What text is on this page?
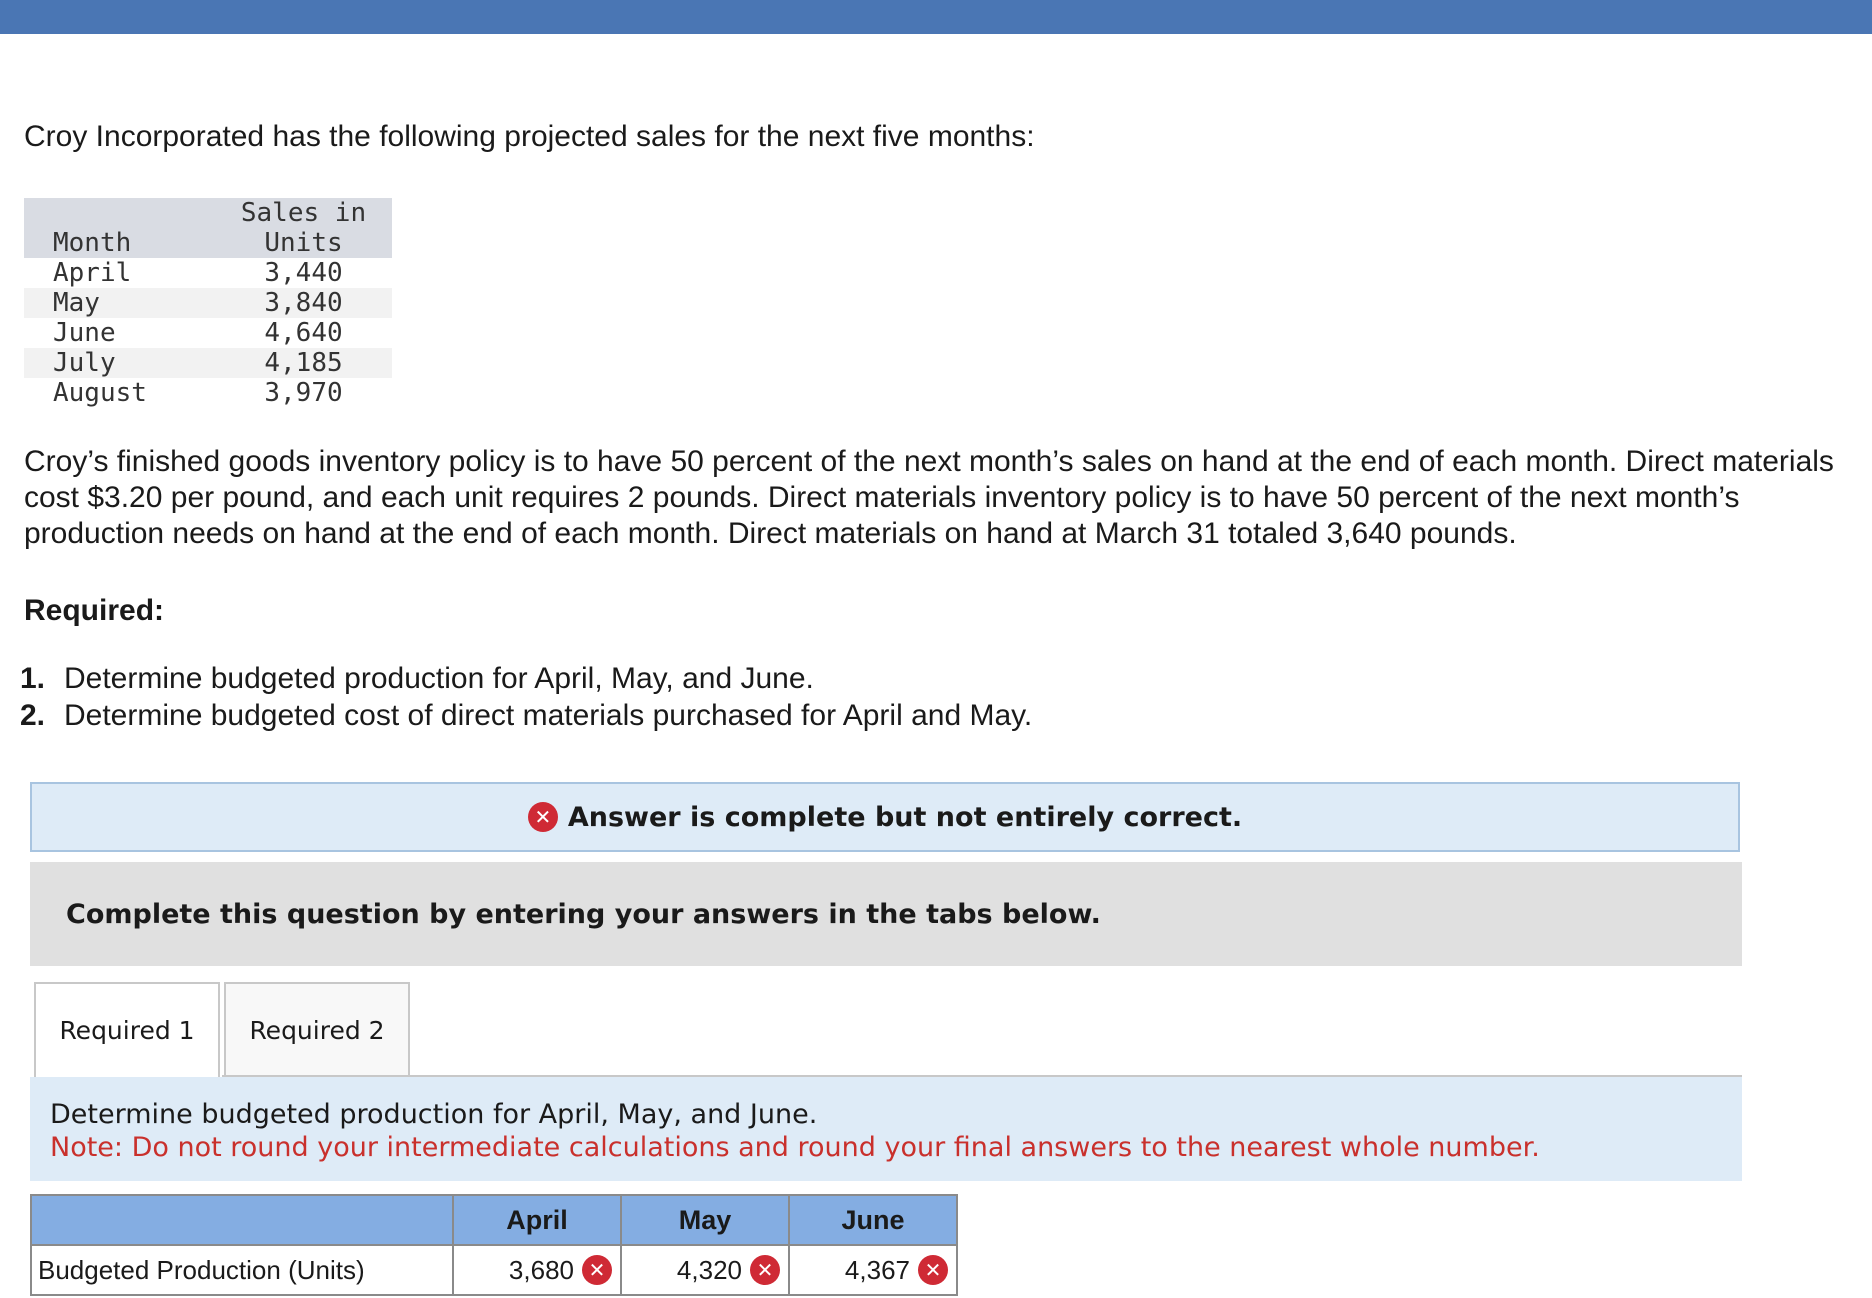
Croy Incorporated has the following projected sales for the next five months:

Month	Sales in
Units
April	3,440
May	3,840
June	4,640
July	4,185
August	3,970

Croy’s finished goods inventory policy is to have 50 percent of the next month’s sales on hand at the end of each month. Direct materials cost $3.20 per pound, and each unit requires 2 pounds. Direct materials inventory policy is to have 50 percent of the next month’s production needs on hand at the end of each month. Direct materials on hand at March 31 totaled 3,640 pounds.

Required:

1. Determine budgeted production for April, May, and June.
2. Determine budgeted cost of direct materials purchased for April and May.
✕ Answer is complete but not entirely correct.
Complete this question by entering your answers in the tabs below.
Required 1 Required 2
Determine budgeted production for April, May, and June.
Note: Do not round your intermediate calculations and round your final answers to the nearest whole number.
	April	May	June
Budgeted Production (Units)	3,680 ✕	4,320 ✕	4,367 ✕
